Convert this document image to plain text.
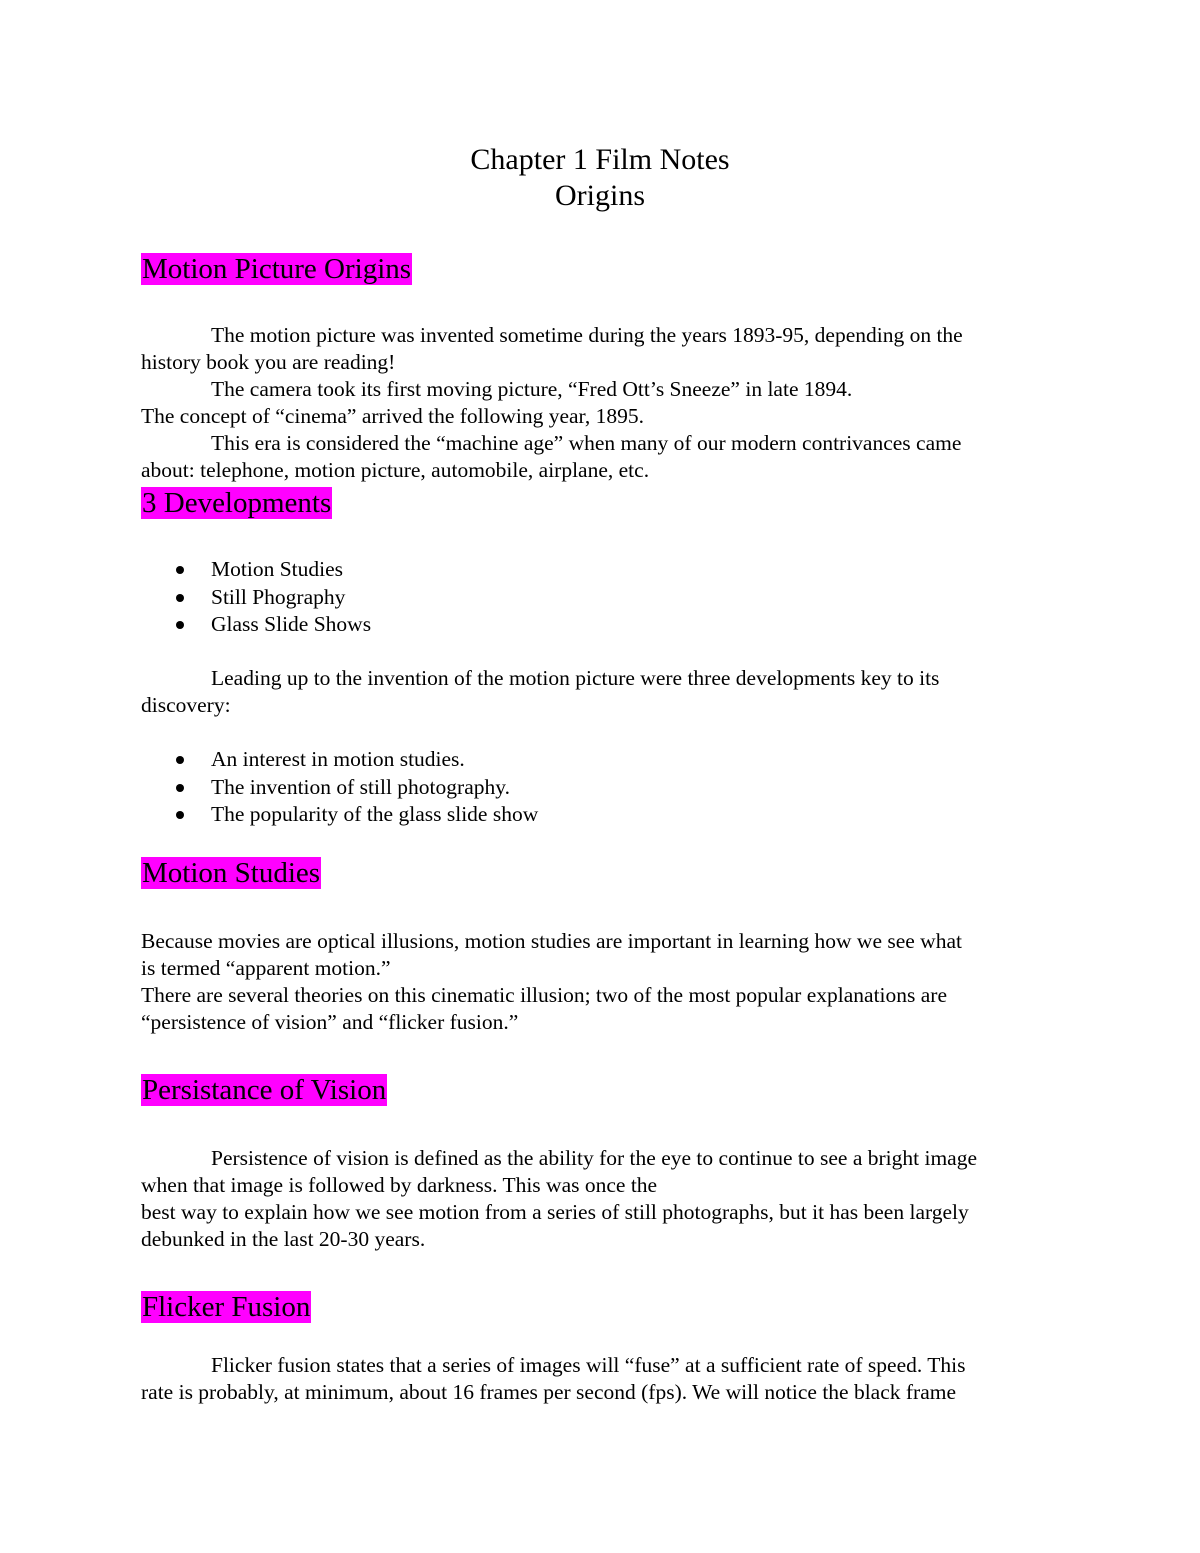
Chapter 1 Film Notes
Origins
Motion Picture Origins
The motion picture was invented sometime during the years 1893-95, depending on the
history book you are reading!
The camera took its first moving picture, “Fred Ott’s Sneeze” in late 1894.
The concept of “cinema” arrived the following year, 1895.
This era is considered the “machine age” when many of our modern contrivances came
about: telephone, motion picture, automobile, airplane, etc.
3 Developments
Motion Studies
Still Phography
Glass Slide Shows
Leading up to the invention of the motion picture were three developments key to its
discovery:
An interest in motion studies.
The invention of still photography.
The popularity of the glass slide show
Motion Studies
Because movies are optical illusions, motion studies are important in learning how we see what
is termed “apparent motion.”
There are several theories on this cinematic illusion; two of the most popular explanations are
“persistence of vision” and “flicker fusion.”
Persistance of Vision
Persistence of vision is defined as the ability for the eye to continue to see a bright image
when that image is followed by darkness. This was once the
best way to explain how we see motion from a series of still photographs, but it has been largely
debunked in the last 20-30 years.
Flicker Fusion
Flicker fusion states that a series of images will “fuse” at a sufficient rate of speed. This
rate is probably, at minimum, about 16 frames per second (fps). We will notice the black frame
